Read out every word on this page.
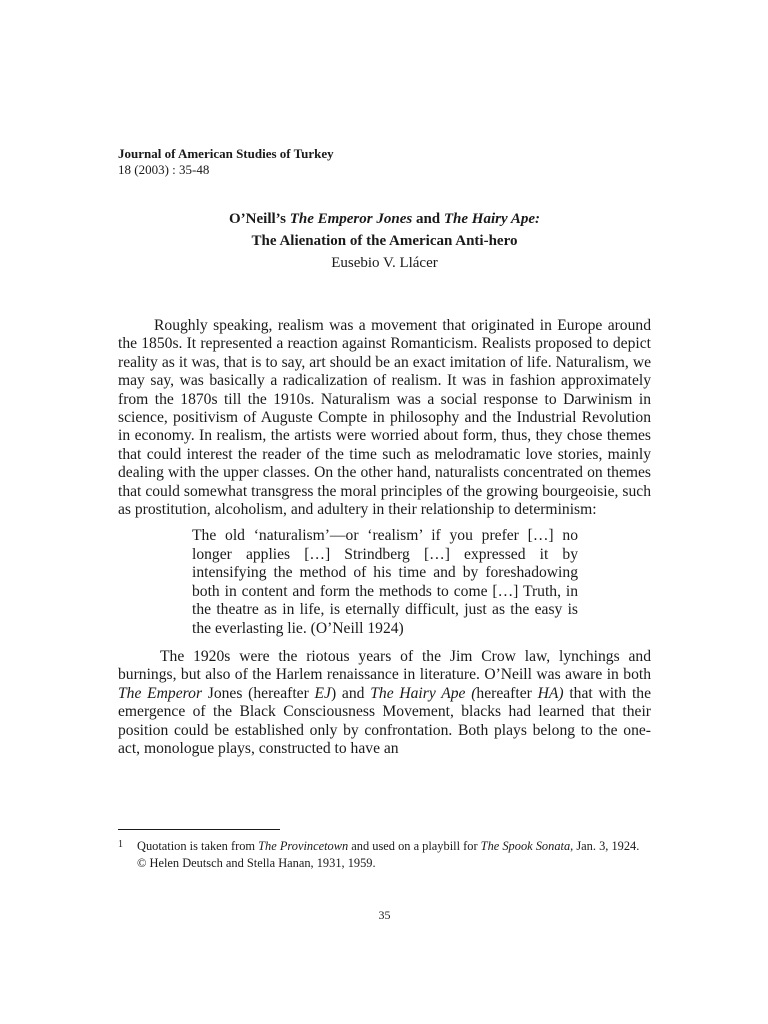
Journal of American Studies of Turkey
18 (2003) : 35-48
O’Neill’s The Emperor Jones and The Hairy Ape:
The Alienation of the American Anti-hero
Eusebio V. Llácer

Roughly speaking, realism was a movement that originated in Europe around the 1850s. It represented a reaction against Romanticism. Realists proposed to depict reality as it was, that is to say, art should be an exact imitation of life. Naturalism, we may say, was basically a radicalization of realism. It was in fashion approximately from the 1870s till the 1910s. Naturalism was a social response to Darwinism in science, positivism of Auguste Compte in philosophy and the Industrial Revolution in economy. In realism, the artists were worried about form, thus, they chose themes that could interest the reader of the time such as melodramatic love stories, mainly dealing with the upper classes. On the other hand, naturalists concentrated on themes that could somewhat transgress the moral principles of the growing bourgeoisie, such as prostitution, alcoholism, and adultery in their relationship to determinism:

The old ‘naturalism’—or ‘realism’ if you prefer […] no longer applies […] Strindberg […] expressed it by intensifying the method of his time and by foreshadowing both in content and form the methods to come […] Truth, in the theatre as in life, is eternally difficult, just as the easy is the everlasting lie. (O’Neill 1924)

The 1920s were the riotous years of the Jim Crow law, lynchings and burnings, but also of the Harlem renaissance in literature. O’Neill was aware in both The Emperor Jones (hereafter EJ) and The Hairy Ape (hereafter HA) that with the emergence of the Black Consciousness Movement, blacks had learned that their position could be established only by confrontation. Both plays belong to the one-act, monologue plays, constructed to have an

1 Quotation is taken from The Provincetown and used on a playbill for The Spook Sonata, Jan. 3, 1924. © Helen Deutsch and Stella Hanan, 1931, 1959.
35
